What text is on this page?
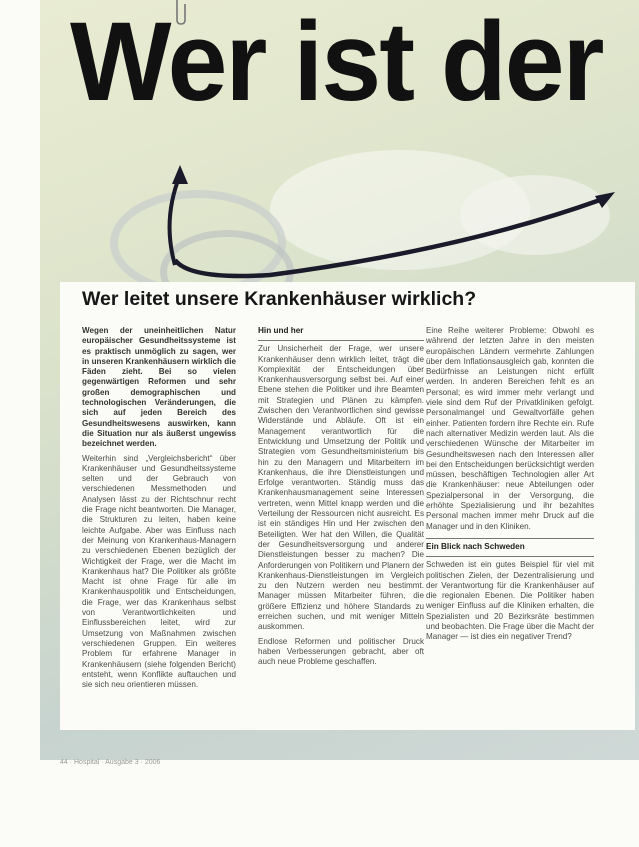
Wer ist der
Wer leitet unsere Krankenhäuser wirklich?

Wegen der uneinheitlichen Natur europäischer Gesundheitssysteme ist es praktisch unmöglich zu sagen, wer in unseren Krankenhäusern wirklich die Fäden zieht. Bei so vielen gegenwärtigen Reformen und sehr großen demographischen und technologischen Veränderungen, die sich auf jeden Bereich des Gesundheitswesens auswirken, kann die Situation nur als äußerst ungewiss bezeichnet werden.

Weiterhin sind „Vergleichsbericht“ über Krankenhäuser und Gesundheitssysteme selten und der Gebrauch von verschiedenen Messmethoden und Analysen lässt zu der Richtschnur recht die Frage nicht beantworten. Die Manager, die Strukturen zu leiten, haben keine leichte Aufgabe. Aber was Einfluss nach der Meinung von Krankenhaus-Managern zu verschiedenen Ebenen bezüglich der Wichtigkeit der Frage, wer die Macht im Krankenhaus hat? Die Politiker als größte Macht ist ohne Frage für alle im Krankenhauspolitik und Entscheidungen, die Frage, wer das Krankenhaus selbst von Verantwortlichkeiten und Einflussbereichen leitet, wird zur Umsetzung von Maßnahmen zwischen verschiedenen Gruppen. Ein weiteres Problem für erfahrene Manager in Krankenhäusern (siehe folgenden Bericht) entsteht, wenn Konflikte auftauchen und sie sich neu orientieren müssen.

Hin und her

Zur Unsicherheit der Frage, wer unsere Krankenhäuser denn wirklich leitet, trägt die Komplexität der Entscheidungen über Krankenhausversorgung selbst bei. Auf einer Ebene stehen die Politiker und ihre Beamten mit Strategien und Plänen zu kämpfen. Zwischen den Verantwortlichen sind gewisse Widerstände und Abläufe. Oft ist ein Management verantwortlich für die Entwicklung und Umsetzung der Politik und Strategien vom Gesundheitsministerium bis hin zu den Managern und Mitarbeitern im Krankenhaus, die ihre Dienstleistungen und Erfolge verantworten. Ständig muss das Krankenhausmanagement seine Interessen vertreten, wenn Mittel knapp werden und die Verteilung der Ressourcen nicht ausreicht. Es ist ein ständiges Hin und Her zwischen den Beteiligten. Wer hat den Willen, die Qualität der Gesundheitsversorgung und anderer Dienstleistungen besser zu machen? Die Anforderungen von Politikern und Planern der Krankenhaus-Dienstleistungen im Vergleich zu den Nutzern werden neu bestimmt. Manager müssen Mitarbeiter führen, die größere Effizienz und höhere Standards zu erreichen suchen, und mit weniger Mitteln auskommen.

Endlose Reformen und politischer Druck haben Verbesserungen gebracht, aber oft auch neue Probleme geschaffen.

Eine Reihe weiterer Probleme: Obwohl es während der letzten Jahre in den meisten europäischen Ländern vermehrte Zahlungen über dem Inflationsausgleich gab, konnten die Bedürfnisse an Leistungen nicht erfüllt werden. In anderen Bereichen fehlt es an Personal; es wird immer mehr verlangt und viele sind dem Ruf der Privatkliniken gefolgt. Personalmangel und Gewaltvorfälle gehen einher. Patienten fordern ihre Rechte ein. Rufe nach alternativer Medizin werden laut. Als die verschiedenen Wünsche der Mitarbeiter im Gesundheitswesen nach den Interessen aller bei den Entscheidungen berücksichtigt werden müssen, beschäftigen Technologien aller Art die Krankenhäuser: neue Abteilungen oder Spezialpersonal in der Versorgung, die erhöhte Spezialisierung und ihr bezahltes Personal machen immer mehr Druck auf die Manager und in den Kliniken.

Ein Blick nach Schweden

Schweden ist ein gutes Beispiel für viel mit politischen Zielen, der Dezentralisierung und der Verantwortung für die Krankenhäuser auf die regionalen Ebenen. Die Politiker haben weniger Einfluss auf die Kliniken erhalten, die Spezialisten und 20 Bezirksräte bestimmen und beobachten. Die Frage über die Macht der Manager — ist dies ein negativer Trend?

44 · Hospital · Ausgabe 3 · 2006
